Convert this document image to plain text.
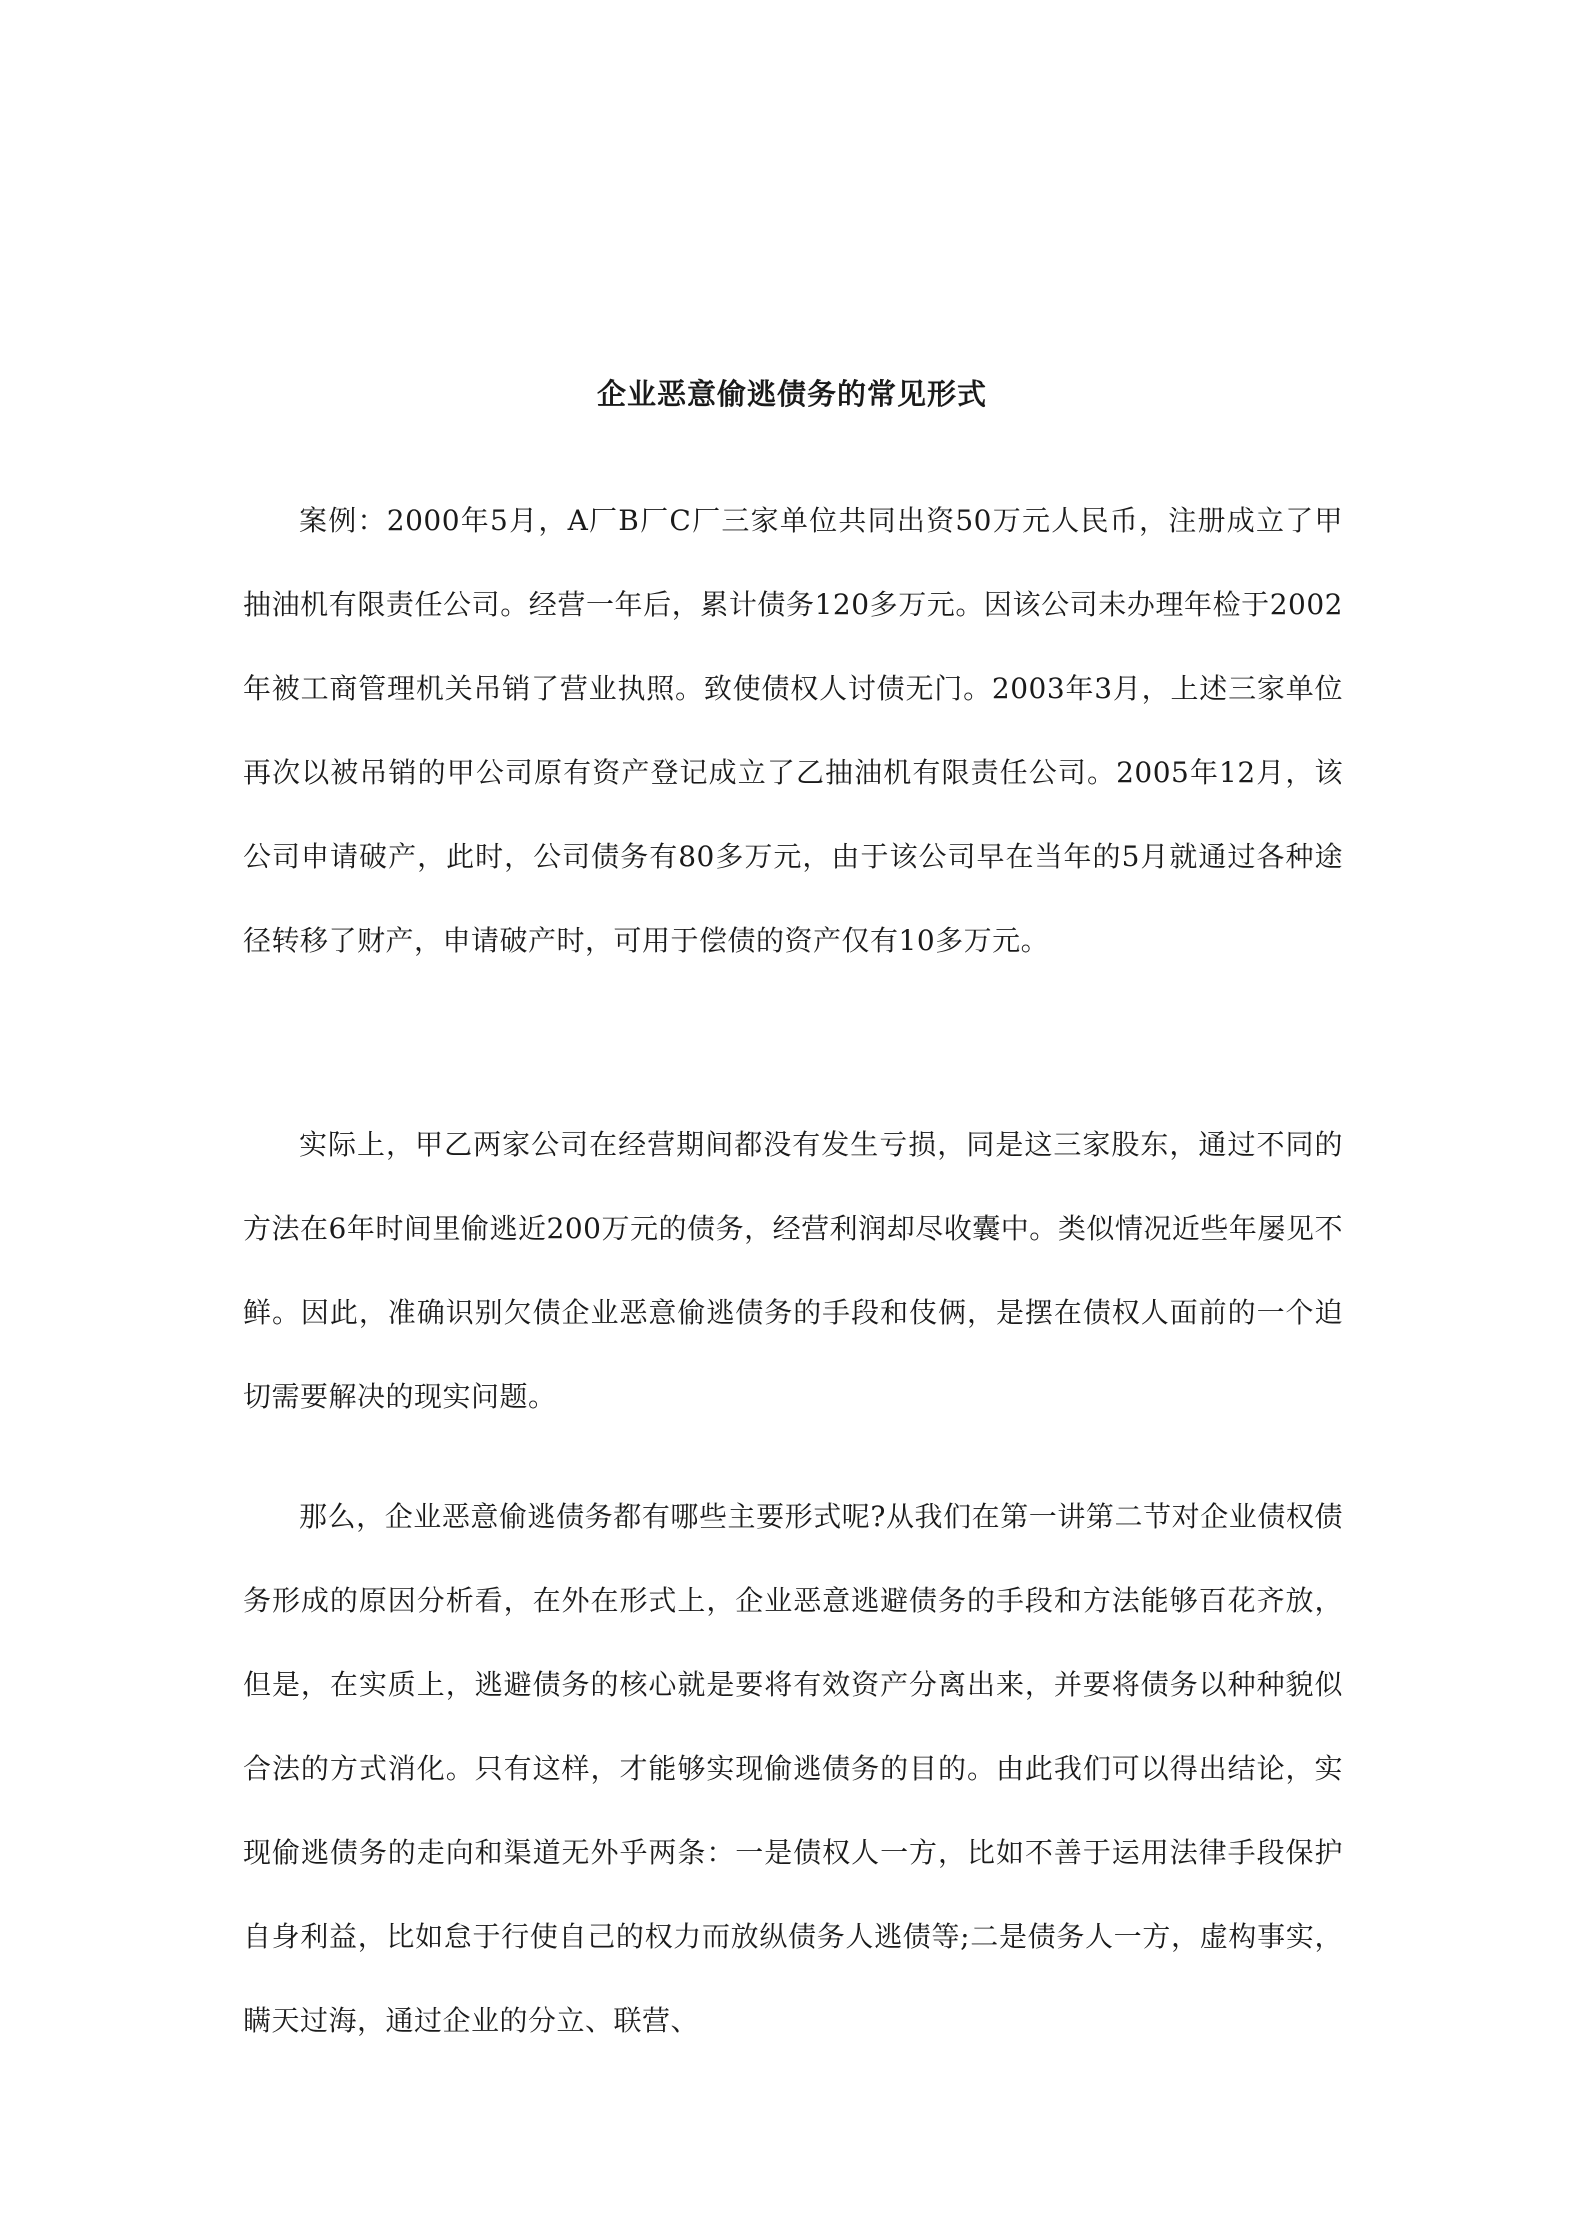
企业恶意偷逃债务的常见形式

案例：2000年5月，A厂B厂C厂三家单位共同出资50万元人民币，注册成立了甲抽油机有限责任公司。经营一年后，累计债务120多万元。因该公司未办理年检于2002年被工商管理机关吊销了营业执照。致使债权人讨债无门。2003年3月，上述三家单位再次以被吊销的甲公司原有资产登记成立了乙抽油机有限责任公司。2005年12月，该公司申请破产，此时，公司债务有80多万元，由于该公司早在当年的5月就通过各种途径转移了财产，申请破产时，可用于偿债的资产仅有10多万元。

实际上，甲乙两家公司在经营期间都没有发生亏损，同是这三家股东，通过不同的方法在6年时间里偷逃近200万元的债务，经营利润却尽收囊中。类似情况近些年屡见不鲜。因此，准确识别欠债企业恶意偷逃债务的手段和伎俩，是摆在债权人面前的一个迫切需要解决的现实问题。

那么，企业恶意偷逃债务都有哪些主要形式呢?从我们在第一讲第二节对企业债权债务形成的原因分析看，在外在形式上，企业恶意逃避债务的手段和方法能够百花齐放，但是，在实质上，逃避债务的核心就是要将有效资产分离出来，并要将债务以种种貌似合法的方式消化。只有这样，才能够实现偷逃债务的目的。由此我们可以得出结论，实现偷逃债务的走向和渠道无外乎两条：一是债权人一方，比如不善于运用法律手段保护自身利益，比如怠于行使自己的权力而放纵债务人逃债等;二是债务人一方，虚构事实，瞒天过海，通过企业的分立、联营、
